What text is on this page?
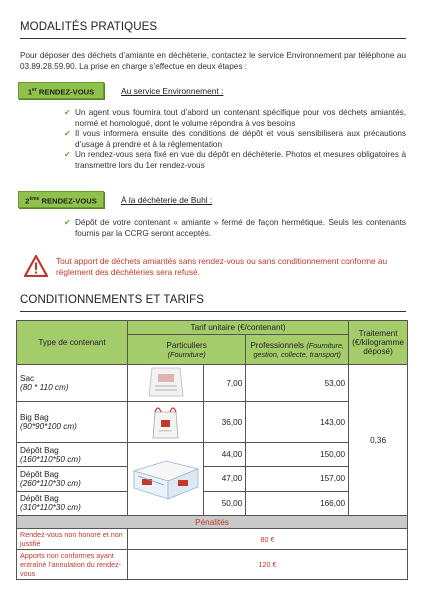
MODALITÉS PRATIQUES
Pour déposer des déchets d’amiante en déchèterie, contactez le service Environnement par téléphone au 03.89.28.59.90. La prise en charge s’effectue en deux étapes :
1er RENDEZ-VOUS	Au service Environnement :
✔ Un agent vous fournira tout d’abord un contenant spécifique pour vos déchets amiantés, normé et homologué, dont le volume répondra à vos besoins
✔ Il vous informera ensuite des conditions de dépôt et vous sensibilisera aux précautions d’usage à prendre et à la réglementation
✔ Un rendez-vous sera fixé en vue du dépôt en déchèterie. Photos et mesures obligatoires à transmettre lors du 1er rendez-vous
2ème RENDEZ-VOUS	À la déchèterie de Buhl :
✔ Dépôt de votre contenant « amiante » fermé de façon hermétique. Seuls les contenants fournis par la CCRG seront acceptés.
Tout apport de déchets amiantés sans rendez-vous ou sans conditionnement conforme au règlement des déchèteries sera refusé.
CONDITIONNEMENTS ET TARIFS
Type de contenant	Tarif unitaire (€/contenant)			Traitement (€/kilogramme déposé)

	Particuliers
(Fourniture)		Professionnels (Fourniture, gestion, collecte, transport)	

Sac
(80 * 110 cm)		7,00	53,00	0,36

Big Bag
(90*90*100 cm)		36,00	143,00	

Dépôt Bag
(160*110*50 cm)		44,00	150,00	

Dépôt Bag
(260*110*30 cm)		47,00	157,00	

Dépôt Bag
(310*110*30 cm)		50,00	166,00	
Pénalités				
Rendez-vous non honoré et non justifié	80 €			
Apports non conformes ayant entraîné l’annulation du rendez-vous	120 €			
